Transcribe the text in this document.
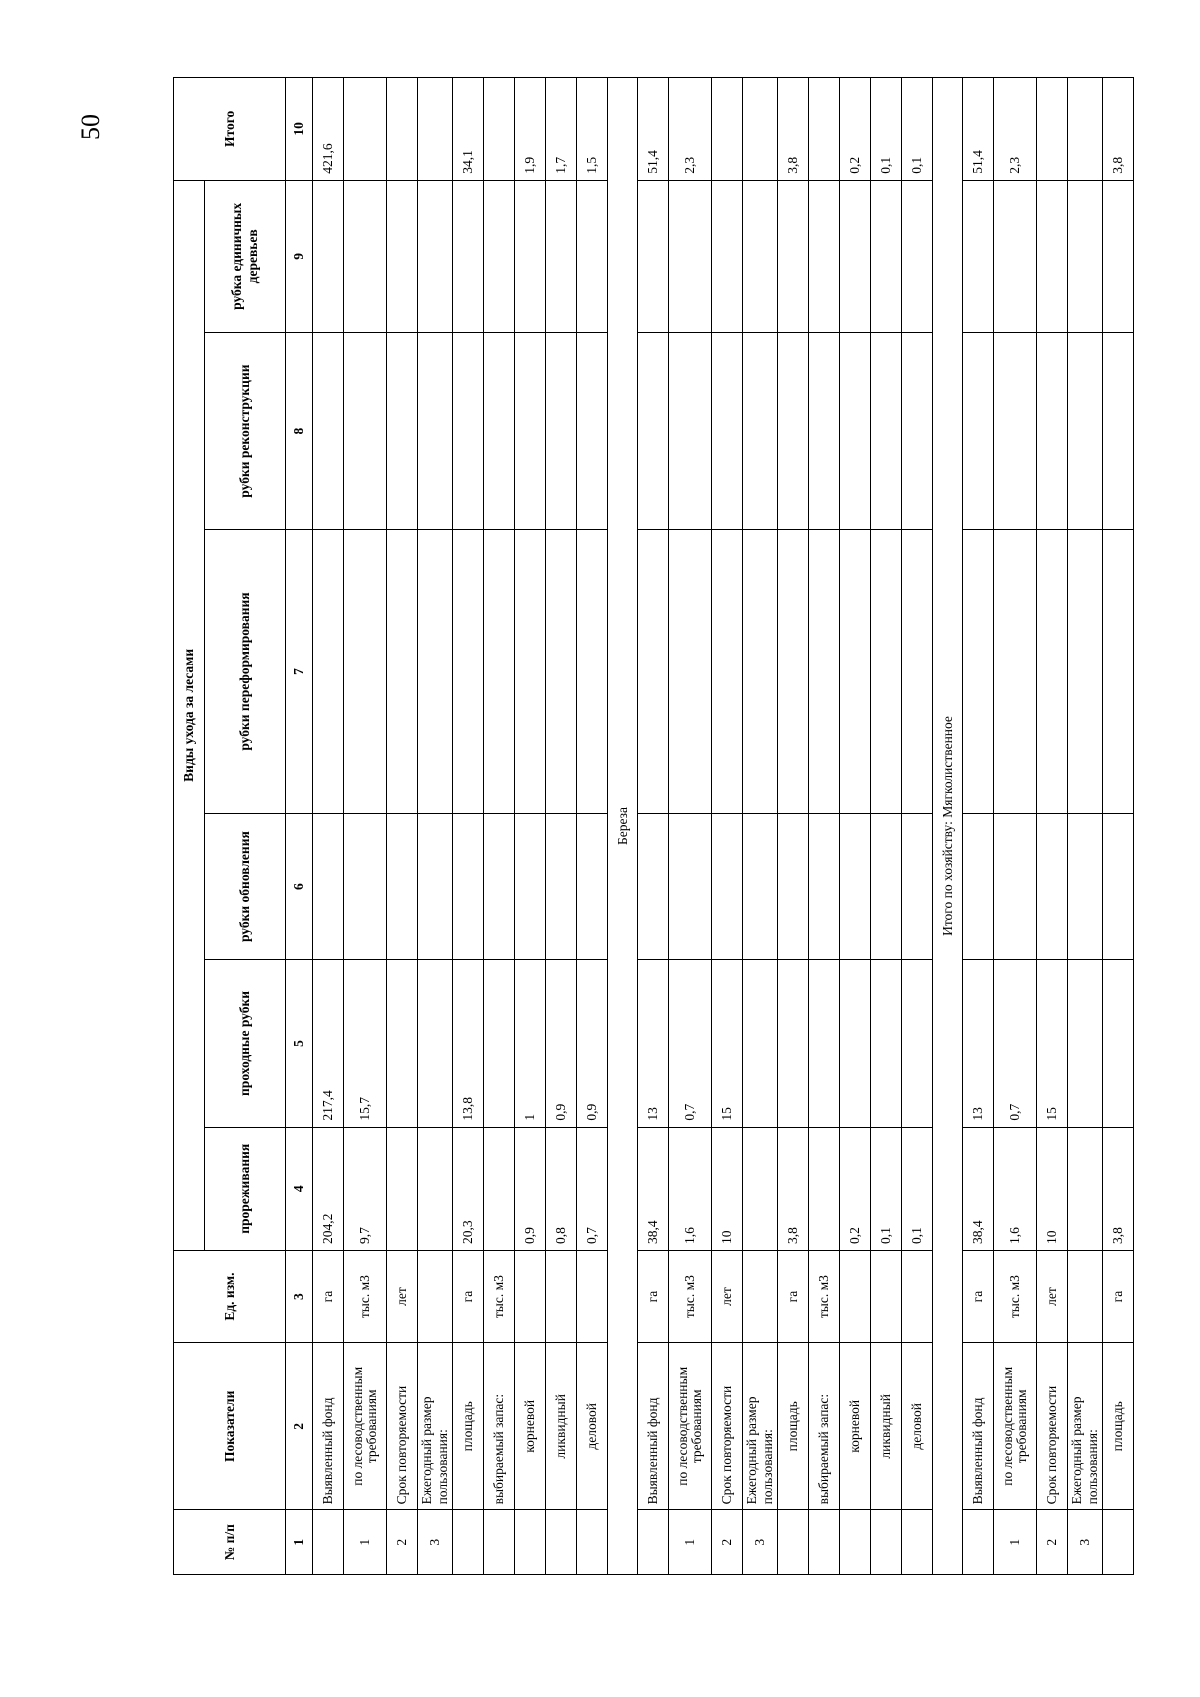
50
№ п/п	Показатели	Ед. изм.	Виды ухода за лесами						Итого
			прореживания	проходные рубки	рубки обновления	рубки переформирования	рубки реконструкции	рубка единичных деревьев	
1	2	3	4	5	6	7	8	9	10
	Выявленный фонд	га	204,2	217,4					421,6
1	по лесоводственным требованиям	тыс. м3	9,7	15,7					
2	Срок повторяемости	лет							
3	Ежегодный размер пользования:								
	площадь	га	20,3	13,8					34,1
	выбираемый запас:	тыс. м3							
	корневой		0,9	1					1,9
	ликвидный		0,8	0,9					1,7
	деловой		0,7	0,9					1,5
Береза									
	Выявленный фонд	га	38,4	13					51,4
1	по лесоводственным требованиям	тыс. м3	1,6	0,7					2,3
2	Срок повторяемости	лет	10	15					
3	Ежегодный размер пользования:								
	площадь	га	3,8						3,8
	выбираемый запас:	тыс. м3							
	корневой		0,2						0,2
	ликвидный		0,1						0,1
	деловой		0,1						0,1
Итого по хозяйству: Мягколиственное									
	Выявленный фонд	га	38,4	13					51,4
1	по лесоводственным требованиям	тыс. м3	1,6	0,7					2,3
2	Срок повторяемости	лет	10	15					
3	Ежегодный размер пользования:								
	площадь	га	3,8						3,8
